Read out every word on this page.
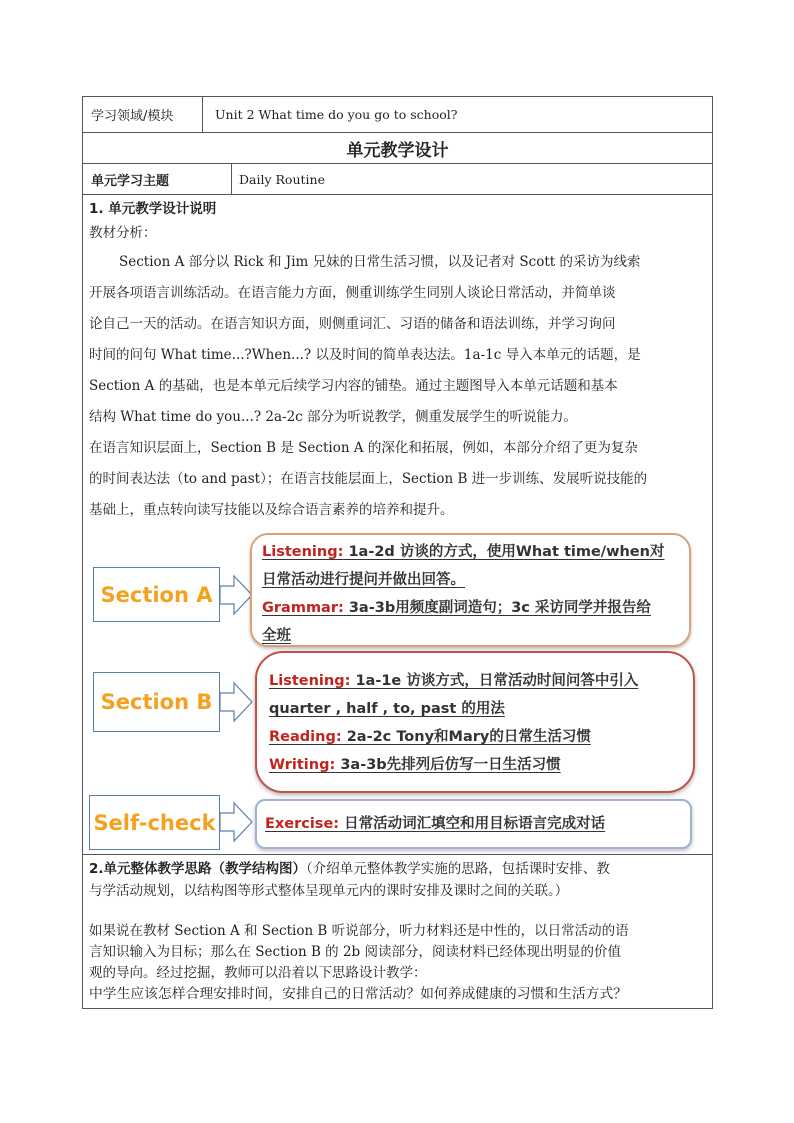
学习领域/模块	Unit 2 What time do you go to school?
单元教学设计
单元学习主题	Daily Routine
1. 单元教学设计说明
教材分析：
Section A 部分以 Rick 和 Jim 兄妹的日常生活习惯，以及记者对 Scott 的采访为线索
开展各项语言训练活动。在语言能力方面，侧重训练学生同别人谈论日常活动，并简单谈
论自己一天的活动。在语言知识方面，则侧重词汇、习语的储备和语法训练，并学习询问
时间的问句 What time...?When...? 以及时间的简单表达法。1a-1c 导入本单元的话题，是
Section A 的基础，也是本单元后续学习内容的铺垫。通过主题图导入本单元话题和基本
结构 What time do you...? 2a-2c 部分为听说教学，侧重发展学生的听说能力。
在语言知识层面上，Section B 是 Section A 的深化和拓展，例如，本部分介绍了更为复杂
的时间表达法（to and past）；在语言技能层面上，Section B 进一步训练、发展听说技能的
基础上，重点转向读写技能以及综合语言素养的培养和提升。
Section A
Listening: 1a-2d 访谈的方式，使用What time/when对
日常活动进行提问并做出回答。
Grammar: 3a-3b用频度副词造句；3c 采访同学并报告给
全班
Section B
Listening: 1a-1e 访谈方式，日常活动时间问答中引入
quarter , half , to, past 的用法
Reading: 2a-2c Tony和Mary的日常生活习惯
Writing: 3a-3b先排列后仿写一日生活习惯
Self-check	Exercise: 日常活动词汇填空和用目标语言完成对话
2.单元整体教学思路（教学结构图）（介绍单元整体教学实施的思路，包括课时安排、教
与学活动规划，以结构图等形式整体呈现单元内的课时安排及课时之间的关联。）
如果说在教材 Section A 和 Section B 听说部分，听力材料还是中性的，以日常活动的语
言知识输入为目标；那么在 Section B 的 2b 阅读部分，阅读材料已经体现出明显的价值
观的导向。经过挖掘，教师可以沿着以下思路设计教学：
中学生应该怎样合理安排时间，安排自己的日常活动？如何养成健康的习惯和生活方式？
